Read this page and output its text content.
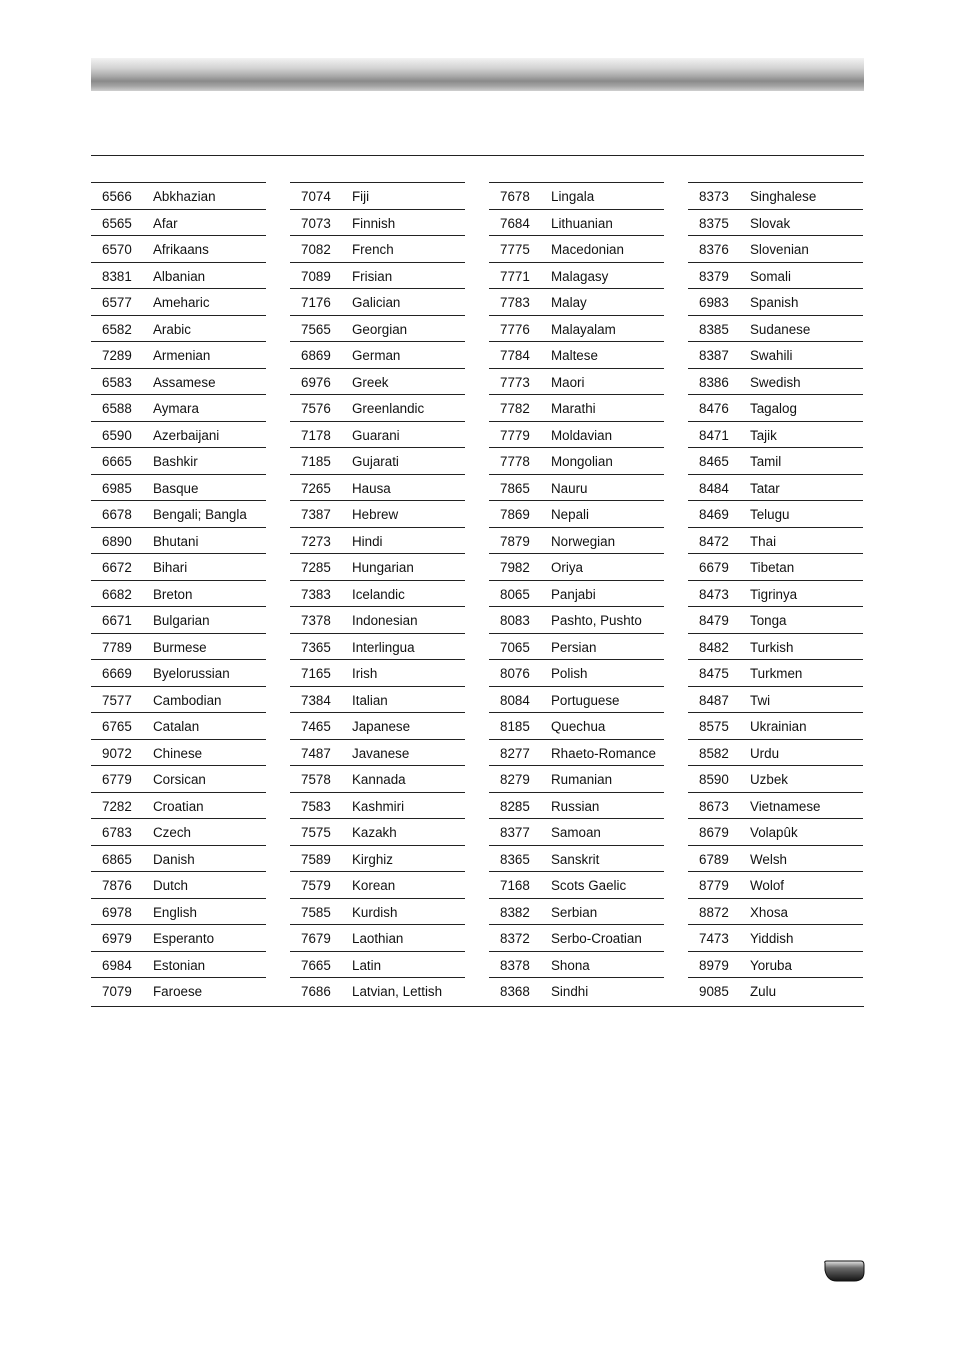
6566 Abkhazian
6565 Afar
6570 Afrikaans
8381 Albanian
6577 Ameharic
6582 Arabic
7289 Armenian
6583 Assamese
6588 Aymara
6590 Azerbaijani
6665 Bashkir
6985 Basque
6678 Bengali; Bangla
6890 Bhutani
6672 Bihari
6682 Breton
6671 Bulgarian
7789 Burmese
6669 Byelorussian
7577 Cambodian
6765 Catalan
9072 Chinese
6779 Corsican
7282 Croatian
6783 Czech
6865 Danish
7876 Dutch
6978 English
6979 Esperanto
6984 Estonian
7079 Faroese
7074 Fiji
7073 Finnish
7082 French
7089 Frisian
7176 Galician
7565 Georgian
6869 German
6976 Greek
7576 Greenlandic
7178 Guarani
7185 Gujarati
7265 Hausa
7387 Hebrew
7273 Hindi
7285 Hungarian
7383 Icelandic
7378 Indonesian
7365 Interlingua
7165 Irish
7384 Italian
7465 Japanese
7487 Javanese
7578 Kannada
7583 Kashmiri
7575 Kazakh
7589 Kirghiz
7579 Korean
7585 Kurdish
7679 Laothian
7665 Latin
7686 Latvian, Lettish
7678 Lingala
7684 Lithuanian
7775 Macedonian
7771 Malagasy
7783 Malay
7776 Malayalam
7784 Maltese
7773 Maori
7782 Marathi
7779 Moldavian
7778 Mongolian
7865 Nauru
7869 Nepali
7879 Norwegian
7982 Oriya
8065 Panjabi
8083 Pashto, Pushto
7065 Persian
8076 Polish
8084 Portuguese
8185 Quechua
8277 Rhaeto-Romance
8279 Rumanian
8285 Russian
8377 Samoan
8365 Sanskrit
7168 Scots Gaelic
8382 Serbian
8372 Serbo-Croatian
8378 Shona
8368 Sindhi
8373 Singhalese
8375 Slovak
8376 Slovenian
8379 Somali
6983 Spanish
8385 Sudanese
8387 Swahili
8386 Swedish
8476 Tagalog
8471 Tajik
8465 Tamil
8484 Tatar
8469 Telugu
8472 Thai
6679 Tibetan
8473 Tigrinya
8479 Tonga
8482 Turkish
8475 Turkmen
8487 Twi
8575 Ukrainian
8582 Urdu
8590 Uzbek
8673 Vietnamese
8679 Volapûk
6789 Welsh
8779 Wolof
8872 Xhosa
7473 Yiddish
8979 Yoruba
9085 Zulu
